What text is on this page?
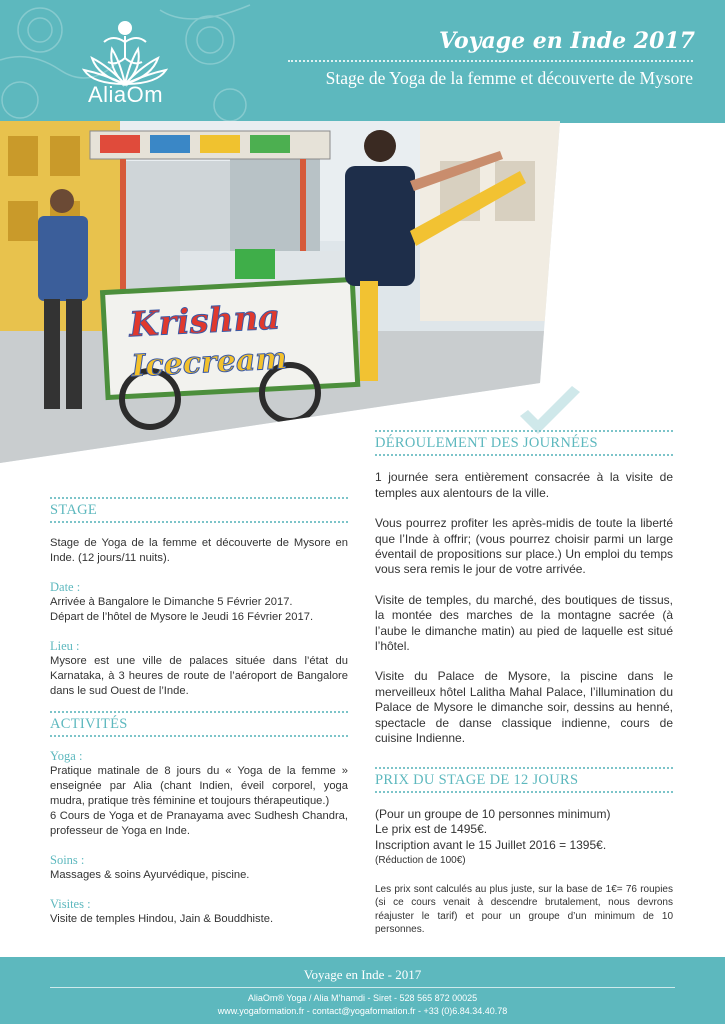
AliaOm
Voyage en Inde 2017
Stage de Yoga de la femme et découverte de Mysore
Krishna
Icecream
STAGE

Stage de Yoga de la femme et découverte de Mysore en Inde. (12 jours/11 nuits).

Date :

Arrivée à Bangalore le Dimanche 5 Février 2017.

Départ de l’hôtel de Mysore le Jeudi 16 Février 2017.

Lieu :

Mysore est une ville de palaces située dans l’état du Karnataka, à 3 heures de route de l’aéroport de Bangalore dans le sud Ouest de l’Inde.

ACTIVITÉS
Yoga :

Pratique matinale de 8 jours du « Yoga de la femme » enseignée par Alia (chant Indien, éveil corporel, yoga mudra, pratique très féminine et toujours thérapeutique.)

6 Cours de Yoga et de Pranayama avec Sudhesh Chandra, professeur de Yoga en Inde.

Soins :

Massages & soins Ayurvédique, piscine.

Visites :

Visite de temples Hindou, Jain & Bouddhiste.

DÉROULEMENT DES JOURNÉES

1 journée sera entièrement consacrée à la visite de temples aux alentours de la ville.

Vous pourrez profiter les après-midis de toute la liberté que l’Inde à offrir; (vous pourrez choisir parmi un large éventail de propositions sur place.) Un emploi du temps vous sera remis le jour de votre arrivée.

Visite de temples, du marché, des boutiques de tissus, la montée des marches de la montagne sacrée (à l’aube le dimanche matin) au pied de laquelle est situé l’hôtel.

Visite du Palace de Mysore, la piscine dans le merveilleux hôtel Lalitha Mahal Palace, l’illumination du Palace de Mysore le dimanche soir, dessins au henné, spectacle de danse classique indienne, cours de cuisine Indienne.

PRIX DU STAGE DE 12 JOURS

(Pour un groupe de 10 personnes minimum)

Le prix est de 1495€.

Inscription avant le 15 Juillet 2016 = 1395€.

(Réduction de 100€)

Les prix sont calculés au plus juste, sur la base de 1€= 76 roupies (si ce cours venait à descendre brutalement, nous devrons réajuster le tarif) et pour un groupe d’un minimum de 10 personnes.

Voyage en Inde - 2017
AliaOm® Yoga / Alia M’hamdi - Siret - 528 565 872 00025
www.yogaformation.fr - contact@yogaformation.fr - +33 (0)6.84.34.40.78
